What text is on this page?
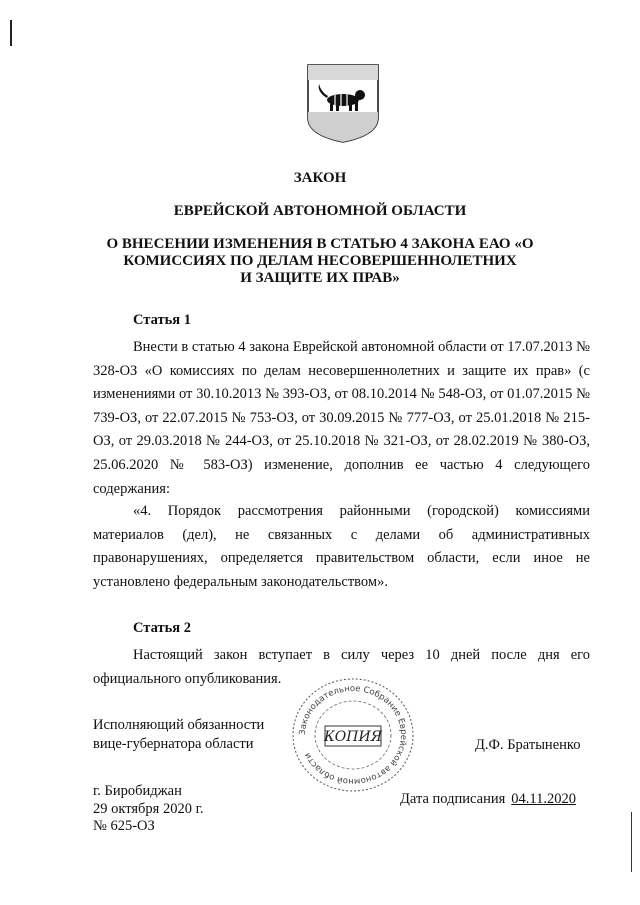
ЗАКОН
ЕВРЕЙСКОЙ АВТОНОМНОЙ ОБЛАСТИ
О ВНЕСЕНИИ ИЗМЕНЕНИЯ В СТАТЬЮ 4 ЗАКОНА ЕАО «О
КОМИССИЯХ ПО ДЕЛАМ НЕСОВЕРШЕННОЛЕТНИХ
И ЗАЩИТЕ ИХ ПРАВ»
Статья 1
Внести в статью 4 закона Еврейской автономной области от 17.07.2013 № 328-ОЗ «О комиссиях по делам несовершеннолетних и защите их прав» (с изменениями от 30.10.2013 № 393-ОЗ, от 08.10.2014 № 548-ОЗ, от 01.07.2015 № 739-ОЗ, от 22.07.2015 № 753-ОЗ, от 30.09.2015 № 777-ОЗ, от 25.01.2018 № 215-ОЗ, от 29.03.2018 № 244-ОЗ, от 25.10.2018 № 321-ОЗ, от 28.02.2019 № 380-ОЗ, 25.06.2020 № 583-ОЗ) изменение, дополнив ее частью 4 следующего содержания:
«4. Порядок рассмотрения районными (городской) комиссиями материалов (дел), не связанных с делами об административных правонарушениях, определяется правительством области, если иное не установлено федеральным законодательством».
Статья 2
Настоящий закон вступает в силу через 10 дней после дня его официального опубликования.
Исполняющий обязанности
вице-губернатора области
Законодательное Собрание Еврейской автономной области
КОПИЯ	Д.Ф. Братыненко
г. Биробиджан
29 октября 2020 г.
№ 625-ОЗ
Дата подписания 04.11.2020
